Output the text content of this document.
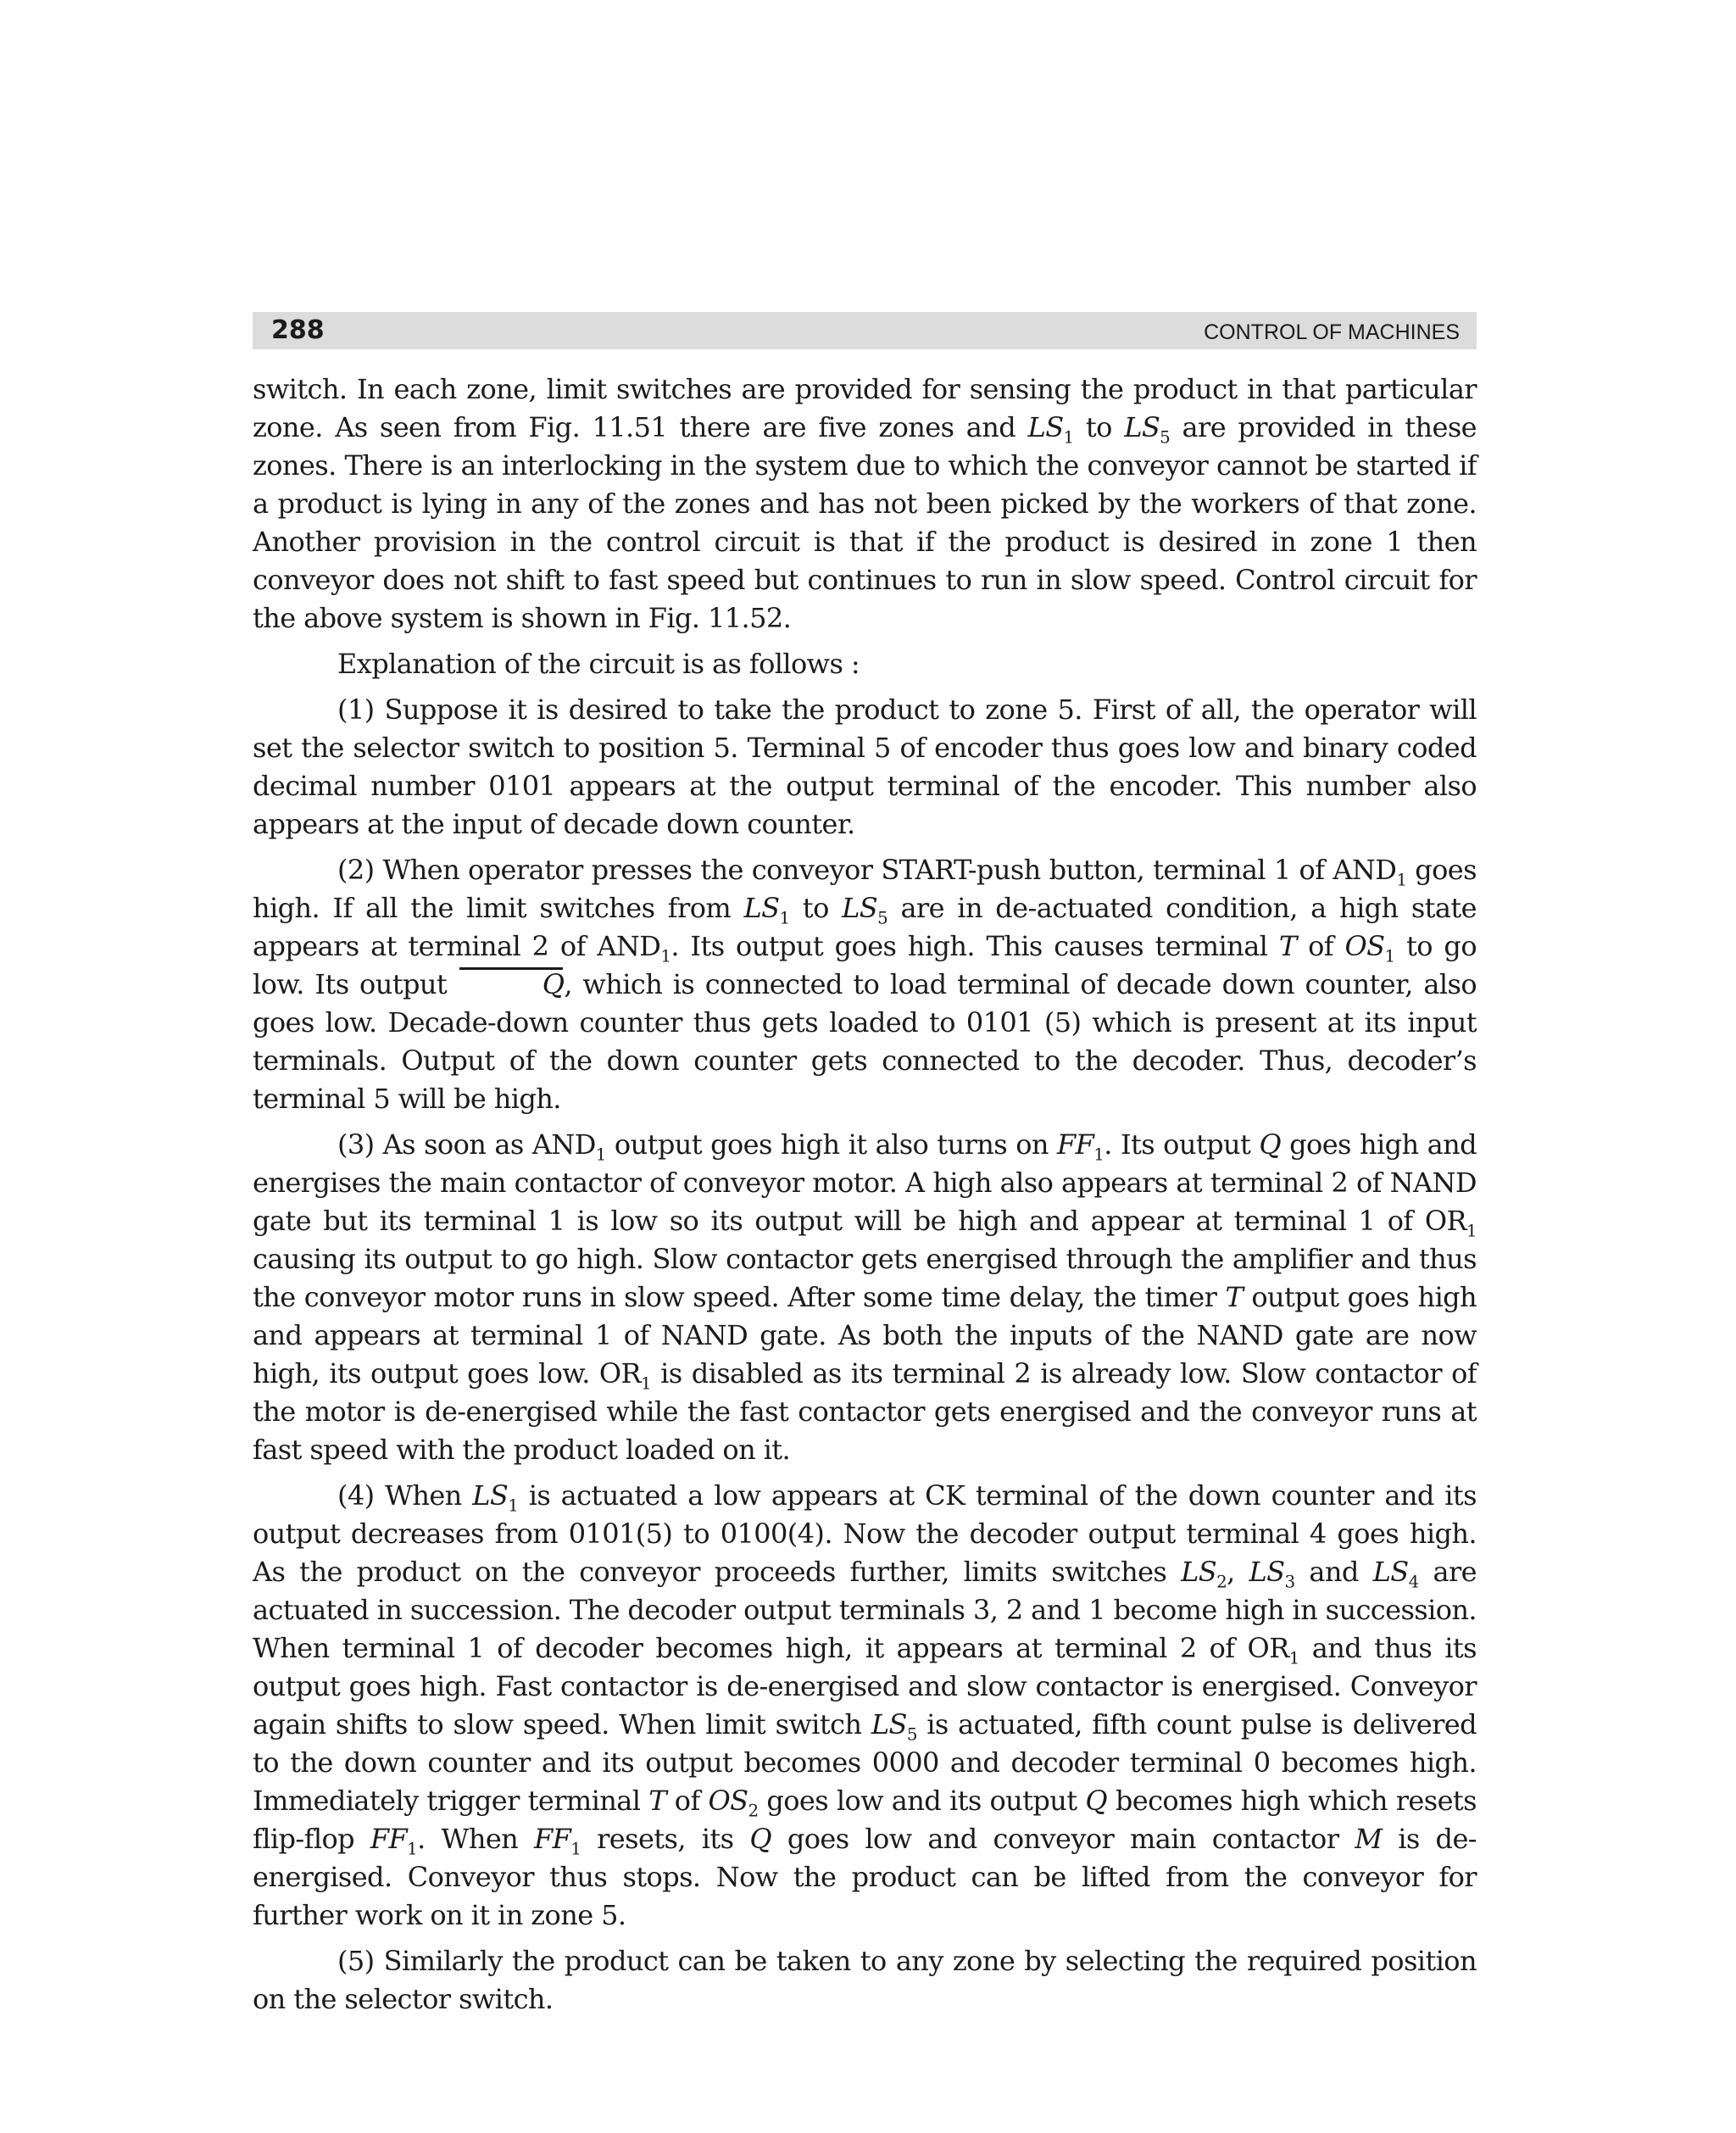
288	CONTROL OF MACHINES

switch. In each zone, limit switches are provided for sensing the product in that particular zone. As seen from Fig. 11.51 there are five zones and $LS_1$ to $LS_5$ are provided in these zones. There is an interlocking in the system due to which the conveyor cannot be started if a product is lying in any of the zones and has not been picked by the workers of that zone. Another provision in the control circuit is that if the product is desired in zone 1 then conveyor does not shift to fast speed but continues to run in slow speed. Control circuit for the above system is shown in Fig. 11.52.

Explanation of the circuit is as follows :

(1) Suppose it is desired to take the product to zone 5. First of all, the operator will set the selector switch to position 5. Terminal 5 of encoder thus goes low and binary coded decimal number 0101 appears at the output terminal of the encoder. This number also appears at the input of decade down counter.

(2) When operator presses the conveyor START-push button, terminal 1 of $AND_1$ goes high. If all the limit switches from $LS_1$ to $LS_5$ are in de-actuated condition, a high state appears at terminal 2 of $AND_1$. Its output goes high. This causes terminal T of $OS_1$ to go low. Its output	Q, which is connected to load terminal of decade down counter, also goes low. Decade-down counter thus gets loaded to 0101 (5) which is present at its input terminals. Output of the down counter gets connected to the decoder. Thus, decoder’s terminal 5 will be high.

(3) As soon as $AND_1$ output goes high it also turns on $FF_1$. Its output Q goes high and energises the main contactor of conveyor motor. A high also appears at terminal 2 of NAND gate but its terminal 1 is low so its output will be high and appear at terminal 1 of $OR_1$ causing its output to go high. Slow contactor gets energised through the amplifier and thus the conveyor motor runs in slow speed. After some time delay, the timer T output goes high and appears at terminal 1 of NAND gate. As both the inputs of the NAND gate are now high, its output goes low. $OR_1$ is disabled as its terminal 2 is already low. Slow contactor of the motor is de-energised while the fast contactor gets energised and the conveyor runs at fast speed with the product loaded on it.

(4) When $LS_1$ is actuated a low appears at CK terminal of the down counter and its output decreases from 0101(5) to 0100(4). Now the decoder output terminal 4 goes high. As the product on the conveyor proceeds further, limits switches $LS_2$, $LS_3$ and $LS_4$ are actuated in succession. The decoder output terminals 3, 2 and 1 become high in succession. When terminal 1 of decoder becomes high, it appears at terminal 2 of $OR_1$ and thus its output goes high. Fast contactor is de-energised and slow contactor is energised. Conveyor again shifts to slow speed. When limit switch $LS_5$ is actuated, fifth count pulse is delivered to the down counter and its output becomes 0000 and decoder terminal 0 becomes high. Immediately trigger terminal T of $OS_2$ goes low and its output Q becomes high which resets flip-flop $FF_1$. When $FF_1$ resets, its Q goes low and conveyor main contactor M is de-energised. Conveyor thus stops. Now the product can be lifted from the conveyor for further work on it in zone 5.

(5) Similarly the product can be taken to any zone by selecting the required position on the selector switch.
